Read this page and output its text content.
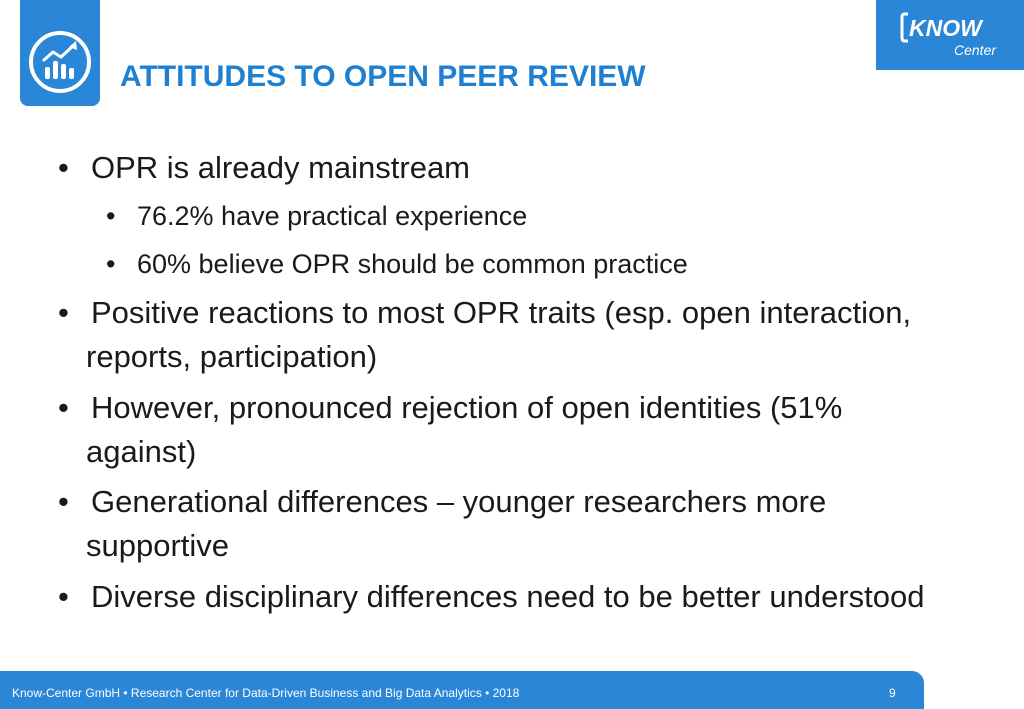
ATTITUDES TO OPEN PEER REVIEW
KNOW
Center
• OPR is already mainstream
• 76.2% have practical experience
• 60% believe OPR should be common practice
• Positive reactions to most OPR traits (esp. open interaction,
reports, participation)
• However, pronounced rejection of open identities (51%
against)
• Generational differences – younger researchers more
supportive
• Diverse disciplinary differences need to be better understood
Know-Center GmbH • Research Center for Data-Driven Business and Big Data Analytics • 2018	9
